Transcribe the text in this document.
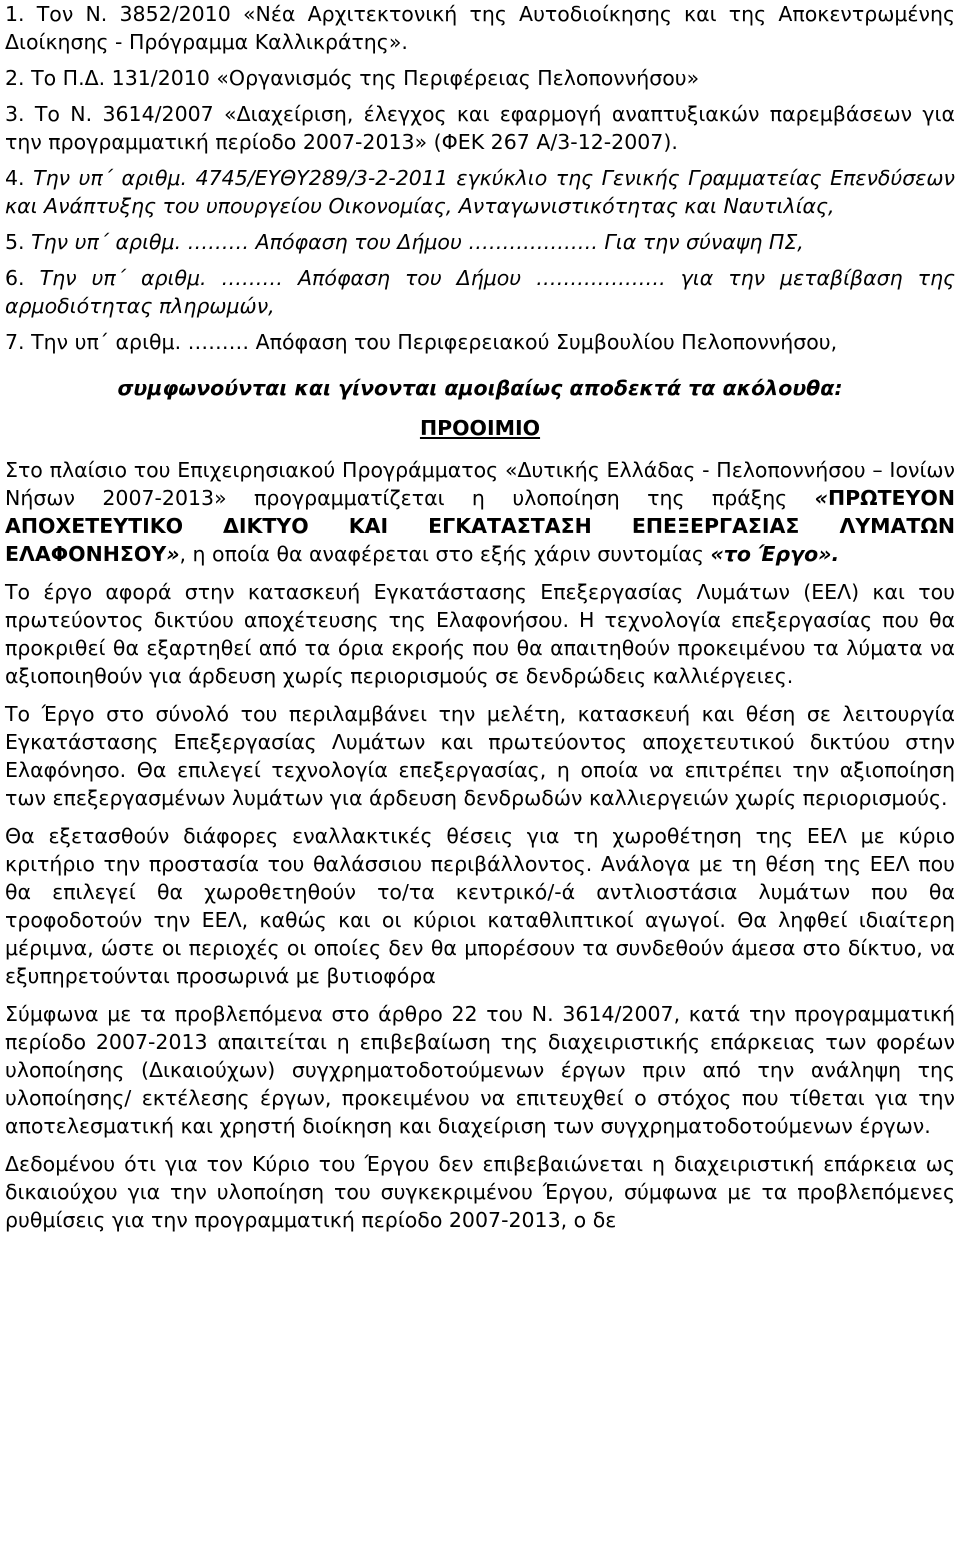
1. Τον Ν. 3852/2010 «Νέα Αρχιτεκτονική της Αυτοδιοίκησης και της Αποκεντρωμένης Διοίκησης - Πρόγραμμα Καλλικράτης».
2. Το Π.Δ. 131/2010 «Οργανισμός της Περιφέρειας Πελοποννήσου»
3. Το Ν. 3614/2007 «Διαχείριση, έλεγχος και εφαρμογή αναπτυξιακών παρεμβάσεων για την προγραμματική περίοδο 2007-2013» (ΦΕΚ 267 Α/3-12-2007).
4. Την υπ΄ αριθμ. 4745/ΕΥΘΥ289/3-2-2011 εγκύκλιο της Γενικής Γραμματείας Επενδύσεων και Ανάπτυξης του υπουργείου Οικονομίας, Ανταγωνιστικότητας και Ναυτιλίας,
5. Την υπ΄ αριθμ. ……… Απόφαση του Δήμου ………………. Για την σύναψη ΠΣ,
6. Την υπ΄ αριθμ. ……… Απόφαση του Δήμου ………………. για την μεταβίβαση της αρμοδιότητας πληρωμών,
7. Την υπ΄ αριθμ. ……… Απόφαση του Περιφερειακού Συμβουλίου Πελοποννήσου,
συμφωνούνται και γίνονται αμοιβαίως αποδεκτά τα ακόλουθα:
ΠΡΟΟΙΜΙΟ

Στο πλαίσιο του Επιχειρησιακού Προγράμματος «Δυτικής Ελλάδας - Πελοποννήσου – Ιονίων Νήσων 2007-2013» προγραμματίζεται η υλοποίηση της πράξης «ΠΡΩΤΕΥΟΝ ΑΠΟΧΕΤΕΥΤΙΚΟ ΔΙΚΤΥΟ ΚΑΙ ΕΓΚΑΤΑΣΤΑΣΗ ΕΠΕΞΕΡΓΑΣΙΑΣ ΛΥΜΑΤΩΝ ΕΛΑΦΟΝΗΣΟΥ», η οποία θα αναφέρεται στο εξής χάριν συντομίας «το Έργο».

Το έργο αφορά στην κατασκευή Εγκατάστασης Επεξεργασίας Λυμάτων (ΕΕΛ) και του πρωτεύοντος δικτύου αποχέτευσης της Ελαφονήσου. Η τεχνολογία επεξεργασίας που θα προκριθεί θα εξαρτηθεί από τα όρια εκροής που θα απαιτηθούν προκειμένου τα λύματα να αξιοποιηθούν για άρδευση χωρίς περιορισμούς σε δενδρώδεις καλλιέργειες.

Το Έργο στο σύνολό του περιλαμβάνει την μελέτη, κατασκευή και θέση σε λειτουργία Εγκατάστασης Επεξεργασίας Λυμάτων και πρωτεύοντος αποχετευτικού δικτύου στην Ελαφόνησο. Θα επιλεγεί τεχνολογία επεξεργασίας, η οποία να επιτρέπει την αξιοποίηση των επεξεργασμένων λυμάτων για άρδευση δενδρωδών καλλιεργειών χωρίς περιορισμούς.

Θα εξετασθούν διάφορες εναλλακτικές θέσεις για τη χωροθέτηση της ΕΕΛ με κύριο κριτήριο την προστασία του θαλάσσιου περιβάλλοντος. Ανάλογα με τη θέση της ΕΕΛ που θα επιλεγεί θα χωροθετηθούν το/τα κεντρικό/-ά αντλιοστάσια λυμάτων που θα τροφοδοτούν την ΕΕΛ, καθώς και οι κύριοι καταθλιπτικοί αγωγοί. Θα ληφθεί ιδιαίτερη μέριμνα, ώστε οι περιοχές οι οποίες δεν θα μπορέσουν τα συνδεθούν άμεσα στο δίκτυο, να εξυπηρετούνται προσωρινά με βυτιοφόρα

Σύμφωνα με τα προβλεπόμενα στο άρθρο 22 του Ν. 3614/2007, κατά την προγραμματική περίοδο 2007-2013 απαιτείται η επιβεβαίωση της διαχειριστικής επάρκειας των φορέων υλοποίησης (Δικαιούχων) συγχρηματοδοτούμενων έργων πριν από την ανάληψη της υλοποίησης/ εκτέλεσης έργων, προκειμένου να επιτευχθεί ο στόχος που τίθεται για την αποτελεσματική και χρηστή διοίκηση και διαχείριση των συγχρηματοδοτούμενων έργων.

Δεδομένου ότι για τον Κύριο του Έργου δεν επιβεβαιώνεται η διαχειριστική επάρκεια ως δικαιούχου για την υλοποίηση του συγκεκριμένου Έργου, σύμφωνα με τα προβλεπόμενες ρυθμίσεις για την προγραμματική περίοδο 2007-2013, ο δε
